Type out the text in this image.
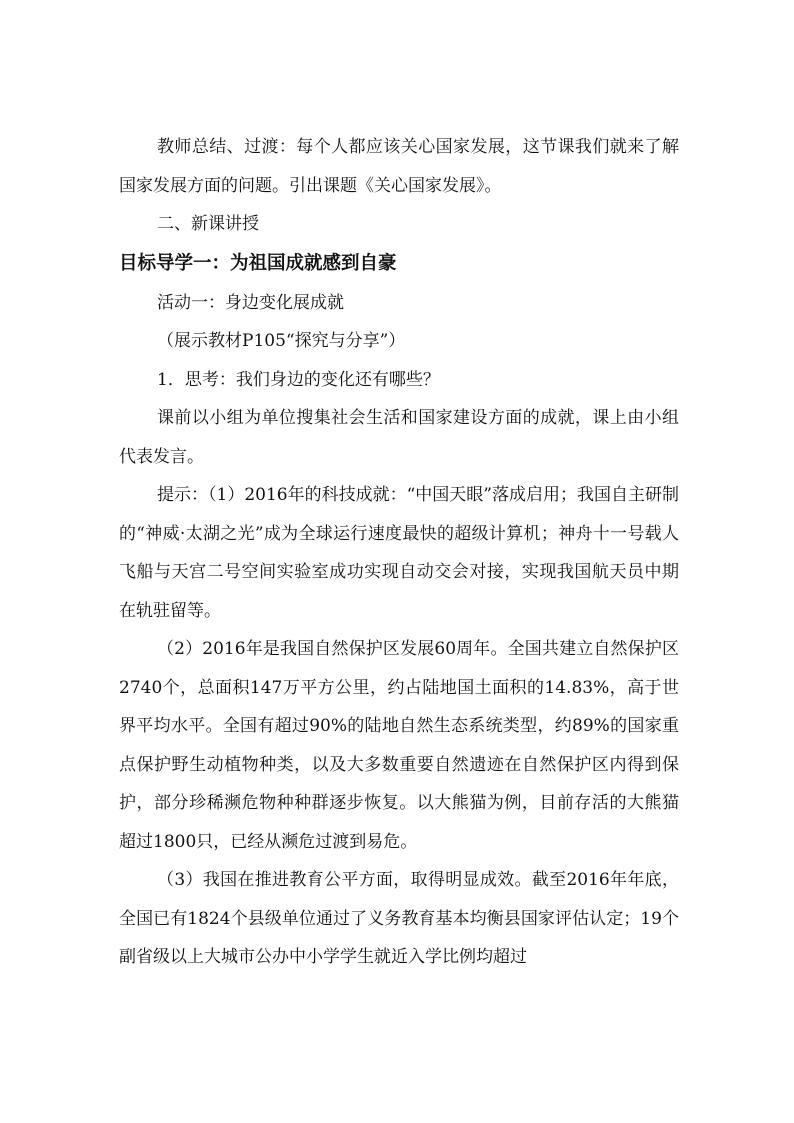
教师总结、过渡：每个人都应该关心国家发展，这节课我们就来了解国家发展方面的问题。引出课题《关心国家发展》。

二、新课讲授

目标导学一：为祖国成就感到自豪

活动一：身边变化展成就

（展示教材P105“探究与分享”）

1．思考：我们身边的变化还有哪些？

课前以小组为单位搜集社会生活和国家建设方面的成就，课上由小组代表发言。

提示：（1）2016年的科技成就：“中国天眼”落成启用；我国自主研制的“神威·太湖之光”成为全球运行速度最快的超级计算机；神舟十一号载人飞船与天宫二号空间实验室成功实现自动交会对接，实现我国航天员中期在轨驻留等。

（2）2016年是我国自然保护区发展60周年。全国共建立自然保护区2740个，总面积147万平方公里，约占陆地国土面积的14.83%，高于世界平均水平。全国有超过90%的陆地自然生态系统类型，约89%的国家重点保护野生动植物种类，以及大多数重要自然遗迹在自然保护区内得到保护，部分珍稀濒危物种种群逐步恢复。以大熊猫为例，目前存活的大熊猫超过1800只，已经从濒危过渡到易危。

（3）我国在推进教育公平方面，取得明显成效。截至2016年年底，全国已有1824个县级单位通过了义务教育基本均衡县国家评估认定；19个副省级以上大城市公办中小学学生就近入学比例均超过
